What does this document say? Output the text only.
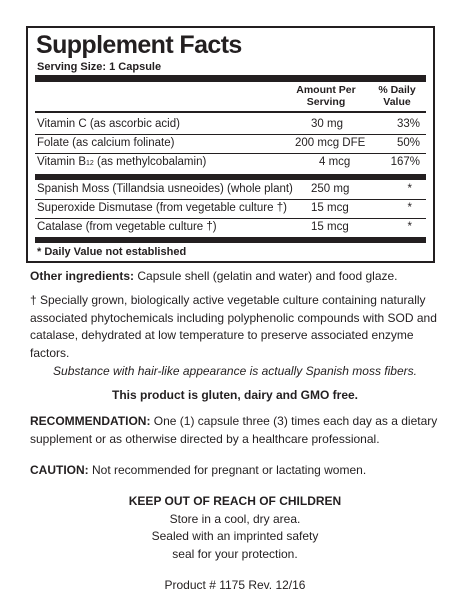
Supplement Facts
Serving Size: 1 Capsule
Amount Per
Serving
% Daily
Value
Vitamin C (as ascorbic acid)	30 mg	33%
Folate (as calcium folinate)	200 mcg DFE	50%
Vitamin B12 (as methylcobalamin)	4 mcg	167%
Spanish Moss (Tillandsia usneoides) (whole plant) 250 mg	*
Superoxide Dismutase (from vegetable culture †) 15 mcg	*
Catalase (from vegetable culture †)	15 mcg	*
* Daily Value not established
Other ingredients: Capsule shell (gelatin and water) and food glaze.
† Specially grown, biologically active vegetable culture containing naturally associated phytochemicals including polyphenolic compounds with SOD and catalase, dehydrated at low temperature to preserve associated enzyme factors.
Substance with hair-like appearance is actually Spanish moss fibers.
This product is gluten, dairy and GMO free.
RECOMMENDATION: One (1) capsule three (3) times each day as a dietary supplement or as otherwise directed by a healthcare professional.
CAUTION: Not recommended for pregnant or lactating women.
KEEP OUT OF REACH OF CHILDREN
Store in a cool, dry area.
Sealed with an imprinted safety
seal for your protection.
Product # 1175 Rev. 12/16
